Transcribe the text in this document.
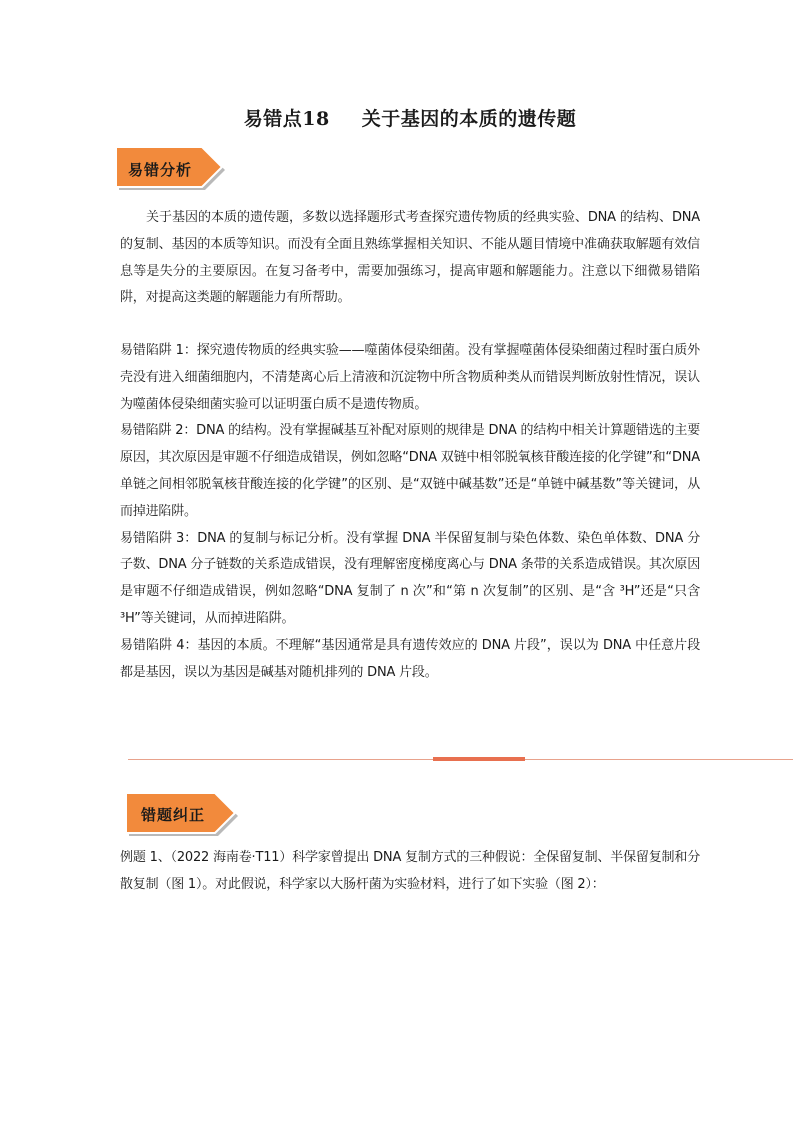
易错点18 关于基因的本质的遗传题
易错分析

关于基因的本质的遗传题，多数以选择题形式考查探究遗传物质的经典实验、DNA 的结构、DNA 的复制、基因的本质等知识。而没有全面且熟练掌握相关知识、不能从题目情境中准确获取解题有效信息等是失分的主要原因。在复习备考中，需要加强练习，提高审题和解题能力。注意以下细微易错陷阱，对提高这类题的解题能力有所帮助。

易错陷阱 1：探究遗传物质的经典实验——噬菌体侵染细菌。没有掌握噬菌体侵染细菌过程时蛋白质外壳没有进入细菌细胞内，不清楚离心后上清液和沉淀物中所含物质种类从而错误判断放射性情况，误认为噬菌体侵染细菌实验可以证明蛋白质不是遗传物质。

易错陷阱 2：DNA 的结构。没有掌握碱基互补配对原则的规律是 DNA 的结构中相关计算题错选的主要原因，其次原因是审题不仔细造成错误，例如忽略“DNA 双链中相邻脱氧核苷酸连接的化学键”和“DNA 单链之间相邻脱氧核苷酸连接的化学键”的区别、是“双链中碱基数”还是“单链中碱基数”等关键词，从而掉进陷阱。

易错陷阱 3：DNA 的复制与标记分析。没有掌握 DNA 半保留复制与染色体数、染色单体数、DNA 分子数、DNA 分子链数的关系造成错误，没有理解密度梯度离心与 DNA 条带的关系造成错误。其次原因是审题不仔细造成错误，例如忽略“DNA 复制了 n 次”和“第 n 次复制”的区别、是“含 ³H”还是“只含 ³H”等关键词，从而掉进陷阱。

易错陷阱 4：基因的本质。不理解“基因通常是具有遗传效应的 DNA 片段”，误以为 DNA 中任意片段都是基因，误以为基因是碱基对随机排列的 DNA 片段。

错题纠正

例题 1、（2022 海南卷·T11）科学家曾提出 DNA 复制方式的三种假说：全保留复制、半保留复制和分散复制（图 1）。对此假说，科学家以大肠杆菌为实验材料，进行了如下实验（图 2）：
